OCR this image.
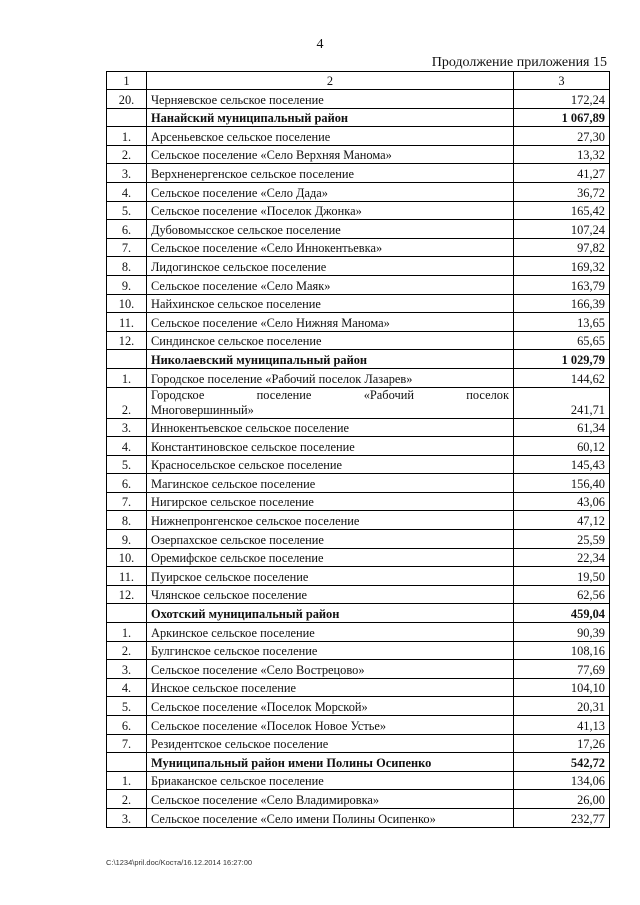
4
Продолжение приложения 15
1	2	3
20.	Черняевское сельское поселение	172,24
	Нанайский муниципальный район	1 067,89
1.	Арсеньевское сельское поселение	27,30
2.	Сельское поселение «Село Верхняя Манома»	13,32
3.	Верхненергенское сельское поселение	41,27
4.	Сельское поселение «Село Дада»	36,72
5.	Сельское поселение «Поселок Джонка»	165,42
6.	Дубовомысское сельское поселение	107,24
7.	Сельское поселение «Село Иннокентьевка»	97,82
8.	Лидогинское сельское поселение	169,32
9.	Сельское поселение «Село Маяк»	163,79
10.	Найхинское сельское поселение	166,39
11.	Сельское поселение «Село Нижняя Манома»	13,65
12.	Синдинское сельское поселение	65,65
	Николаевский муниципальный район	1 029,79
1.	Городское поселение «Рабочий поселок Лазарев»	144,62
2.	Городское поселение «Рабочий поселок
Многовершинный»	241,71
3.	Иннокентьевское сельское поселение	61,34
4.	Константиновское сельское поселение	60,12
5.	Красносельское сельское поселение	145,43
6.	Магинское сельское поселение	156,40
7.	Нигирское сельское поселение	43,06
8.	Нижнепронгенское сельское поселение	47,12
9.	Озерпахское сельское поселение	25,59
10.	Оремифское сельское поселение	22,34
11.	Пуирское сельское поселение	19,50
12.	Члянское сельское поселение	62,56
	Охотский муниципальный район	459,04
1.	Аркинское сельское поселение	90,39
2.	Булгинское сельское поселение	108,16
3.	Сельское поселение «Село Вострецово»	77,69
4.	Инское сельское поселение	104,10
5.	Сельское поселение «Поселок Морской»	20,31
6.	Сельское поселение «Поселок Новое Устье»	41,13
7.	Резидентское сельское поселение	17,26
	Муниципальный район имени Полины Осипенко	542,72
1.	Бриаканское сельское поселение	134,06
2.	Сельское поселение «Село Владимировка»	26,00
3.	Сельское поселение «Село имени Полины Осипенко»	232,77
C:\1234\pril.doc/Kocтa/16.12.2014 16:27:00
